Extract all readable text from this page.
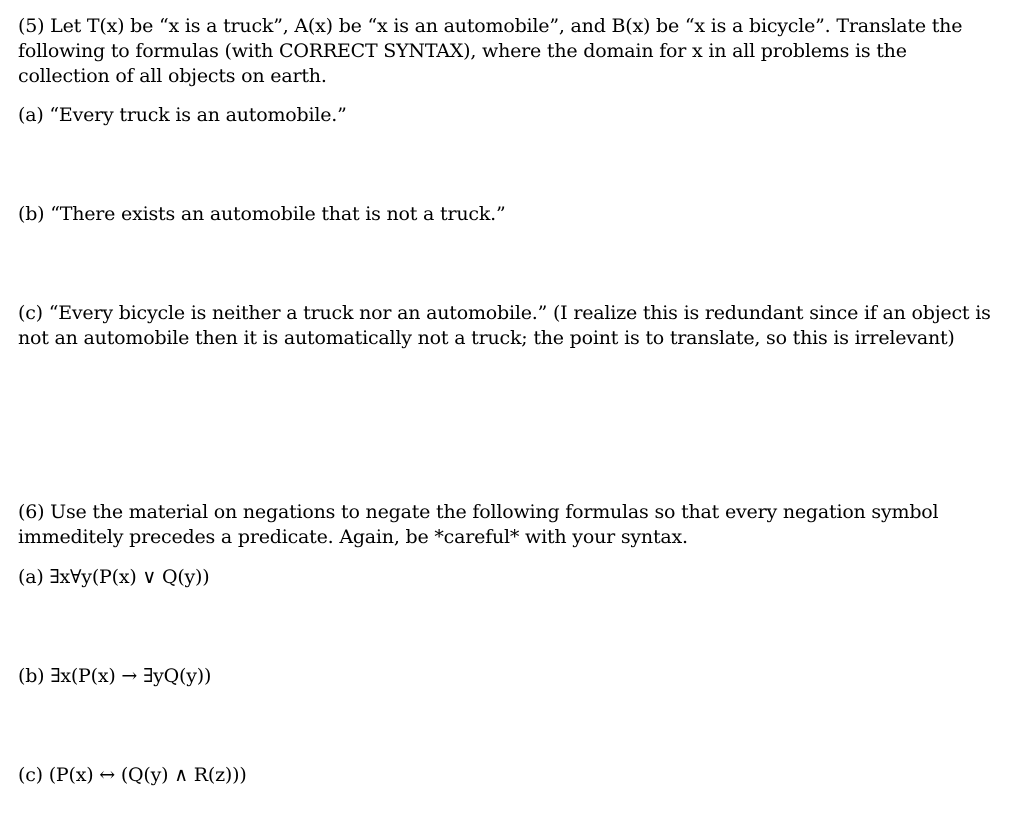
(5) Let T(x) be “x is a truck”, A(x) be “x is an automobile”, and B(x) be “x is a bicycle”. Translate the following to formulas (with CORRECT SYNTAX), where the domain for x in all problems is the collection of all objects on earth.

(a) “Every truck is an automobile.”

(b) “There exists an automobile that is not a truck.”

(c) “Every bicycle is neither a truck nor an automobile.” (I realize this is redundant since if an object is not an automobile then it is automatically not a truck; the point is to translate, so this is irrelevant)

(6) Use the material on negations to negate the following formulas so that every negation symbol immeditely precedes a predicate. Again, be *careful* with your syntax.

(a) ∃x∀y(P(x) ∨ Q(y))

(b) ∃x(P(x) → ∃yQ(y))

(c) (P(x) ↔ (Q(y) ∧ R(z)))
